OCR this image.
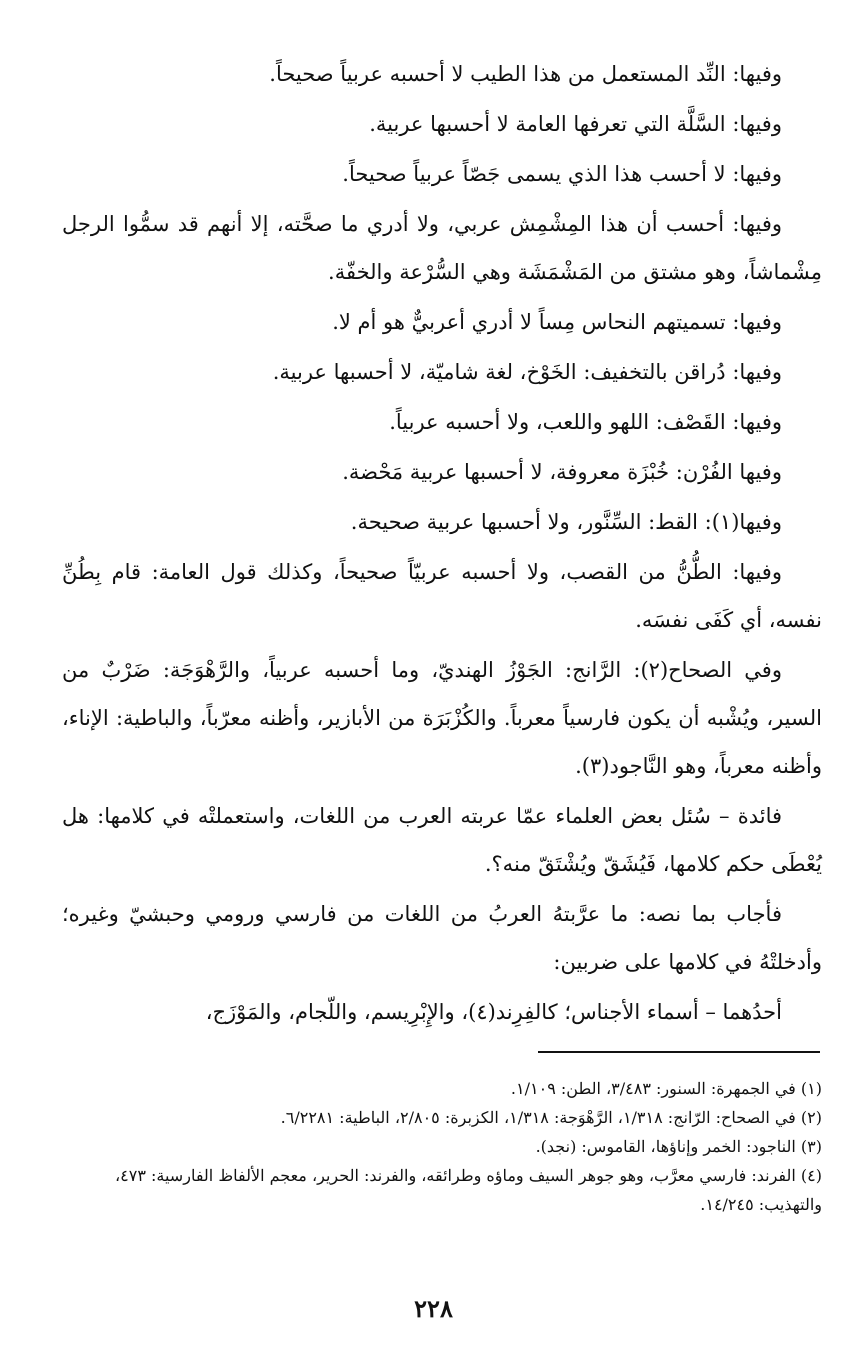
وفيها: النِّد المستعمل من هذا الطيب لا أحسبه عربياً صحيحاً.

وفيها: السَّلَّة التي تعرفها العامة لا أحسبها عربية.

وفيها: لا أحسب هذا الذي يسمى جَصّاً عربياً صحيحاً.

وفيها: أحسب أن هذا المِشْمِش عربي، ولا أدري ما صحَّته، إلا أنهم قد سمُّوا الرجل مِشْماشاً، وهو مشتق من المَشْمَشَة وهي السُّرْعة والخفّة.

وفيها: تسميتهم النحاس مِساً لا أدري أعربيٌّ هو أم لا.

وفيها: دُراقن بالتخفيف: الخَوْخ، لغة شاميّة، لا أحسبها عربية.

وفيها: القَصْف: اللهو واللعب، ولا أحسبه عربياً.

وفيها الفُرْن: خُبْزَة معروفة، لا أحسبها عربية مَحْضة.

وفيها(١): القط: السِّنَّور، ولا أحسبها عربية صحيحة.

وفيها: الطُّنُّ من القصب، ولا أحسبه عربيّاً صحيحاً، وكذلك قول العامة: قام بِطُنِّ نفسه، أي كَفَى نفسَه.

وفي الصحاح(٢): الرَّانج: الجَوْزُ الهنديّ، وما أحسبه عربياً، والرَّهْوَجَة: ضَرْبٌ من السير، ويُشْبه أن يكون فارسياً معرباً. والكُزْبَرَة من الأبازير، وأظنه معرّباً، والباطية: الإناء، وأظنه معرباً، وهو النَّاجود(٣).

فائدة – سُئل بعض العلماء عمّا عربته العرب من اللغات، واستعملتْه في كلامها: هل يُعْطَى حكم كلامها، فَيُشَقّ ويُشْتَقّ منه؟.

فأجاب بما نصه: ما عرَّبتهُ العربُ من اللغات من فارسي ورومي وحبشيّ وغيره؛ وأدخلتْهُ في كلامها على ضربين:

أحدُهما – أسماء الأجناس؛ كالفِرِند(٤)، والإِبْرِيسم، واللّجام، والمَوْزَج،

(١) في الجمهرة: السنور: ٣/٤٨٣، الطن: ١/١٠٩.

(٢) في الصحاح: الرّانج: ١/٣١٨، الرَّهْوَجة: ١/٣١٨، الكزبرة: ٢/٨٠٥، الباطية: ٦/٢٢٨١.

(٣) الناجود: الخمر وإناؤها، القاموس: (نجد).

(٤) الفرند: فارسي معرَّب، وهو جوهر السيف وماؤه وطرائقه، والفرند: الحرير، معجم الألفاظ الفارسية: ٤٧٣، والتهذيب: ١٤/٢٤٥.

٢٢٨
